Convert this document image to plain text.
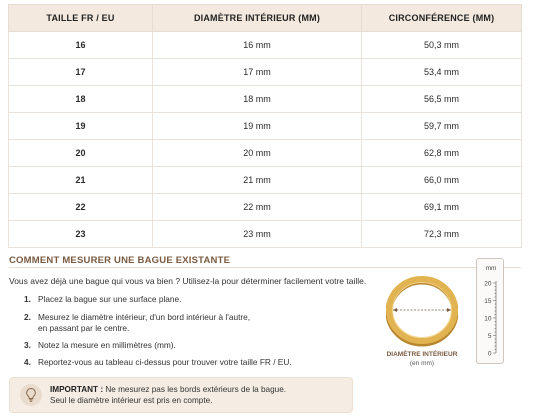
TAILLE FR / EU	DIAMÈTRE INTÉRIEUR (MM)	CIRCONFÉRENCE (MM)
16	16 mm	50,3 mm
17	17 mm	53,4 mm
18	18 mm	56,5 mm
19	19 mm	59,7 mm
20	20 mm	62,8 mm
21	21 mm	66,0 mm
22	22 mm	69,1 mm
23	23 mm	72,3 mm
COMMENT MESURER UNE BAGUE EXISTANTE
Vous avez déjà une bague qui vous va bien ? Utilisez-la pour déterminer facilement votre taille.
1. Placez la bague sur une surface plane.
2. Mesurez le diamètre intérieur, d'un bord intérieur à l'autre,
en passant par le centre.
3. Notez la mesure en millimètres (mm).
4. Reportez-vous au tableau ci-dessus pour trouver votre taille FR / EU.
DIAMÈTRE INTÉRIEUR
(en mm)
mm
20
15
10
5
0
IMPORTANT : Ne mesurez pas les bords extérieurs de la bague.
Seul le diamètre intérieur est pris en compte.
